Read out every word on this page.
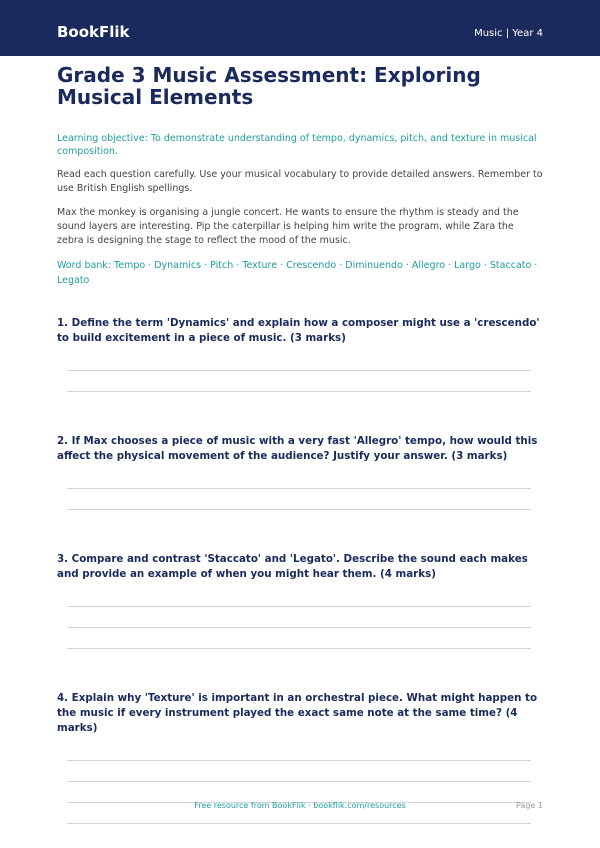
BookFlik	Music | Year 4
Grade 3 Music Assessment: Exploring Musical Elements
Learning objective: To demonstrate understanding of tempo, dynamics, pitch, and texture in musical composition.
Read each question carefully. Use your musical vocabulary to provide detailed answers. Remember to use British English spellings.
Max the monkey is organising a jungle concert. He wants to ensure the rhythm is steady and the sound layers are interesting. Pip the caterpillar is helping him write the program, while Zara the zebra is designing the stage to reflect the mood of the music.
Word bank: Tempo · Dynamics · Pitch · Texture · Crescendo · Diminuendo · Allegro · Largo · Staccato · Legato
1. Define the term 'Dynamics' and explain how a composer might use a 'crescendo' to build excitement in a piece of music. (3 marks)
2. If Max chooses a piece of music with a very fast 'Allegro' tempo, how would this affect the physical movement of the audience? Justify your answer. (3 marks)
3. Compare and contrast 'Staccato' and 'Legato'. Describe the sound each makes and provide an example of when you might hear them. (4 marks)
4. Explain why 'Texture' is important in an orchestral piece. What might happen to the music if every instrument played the exact same note at the same time? (4 marks)
Free resource from BookFlik · bookflik.com/resources	Page 1
